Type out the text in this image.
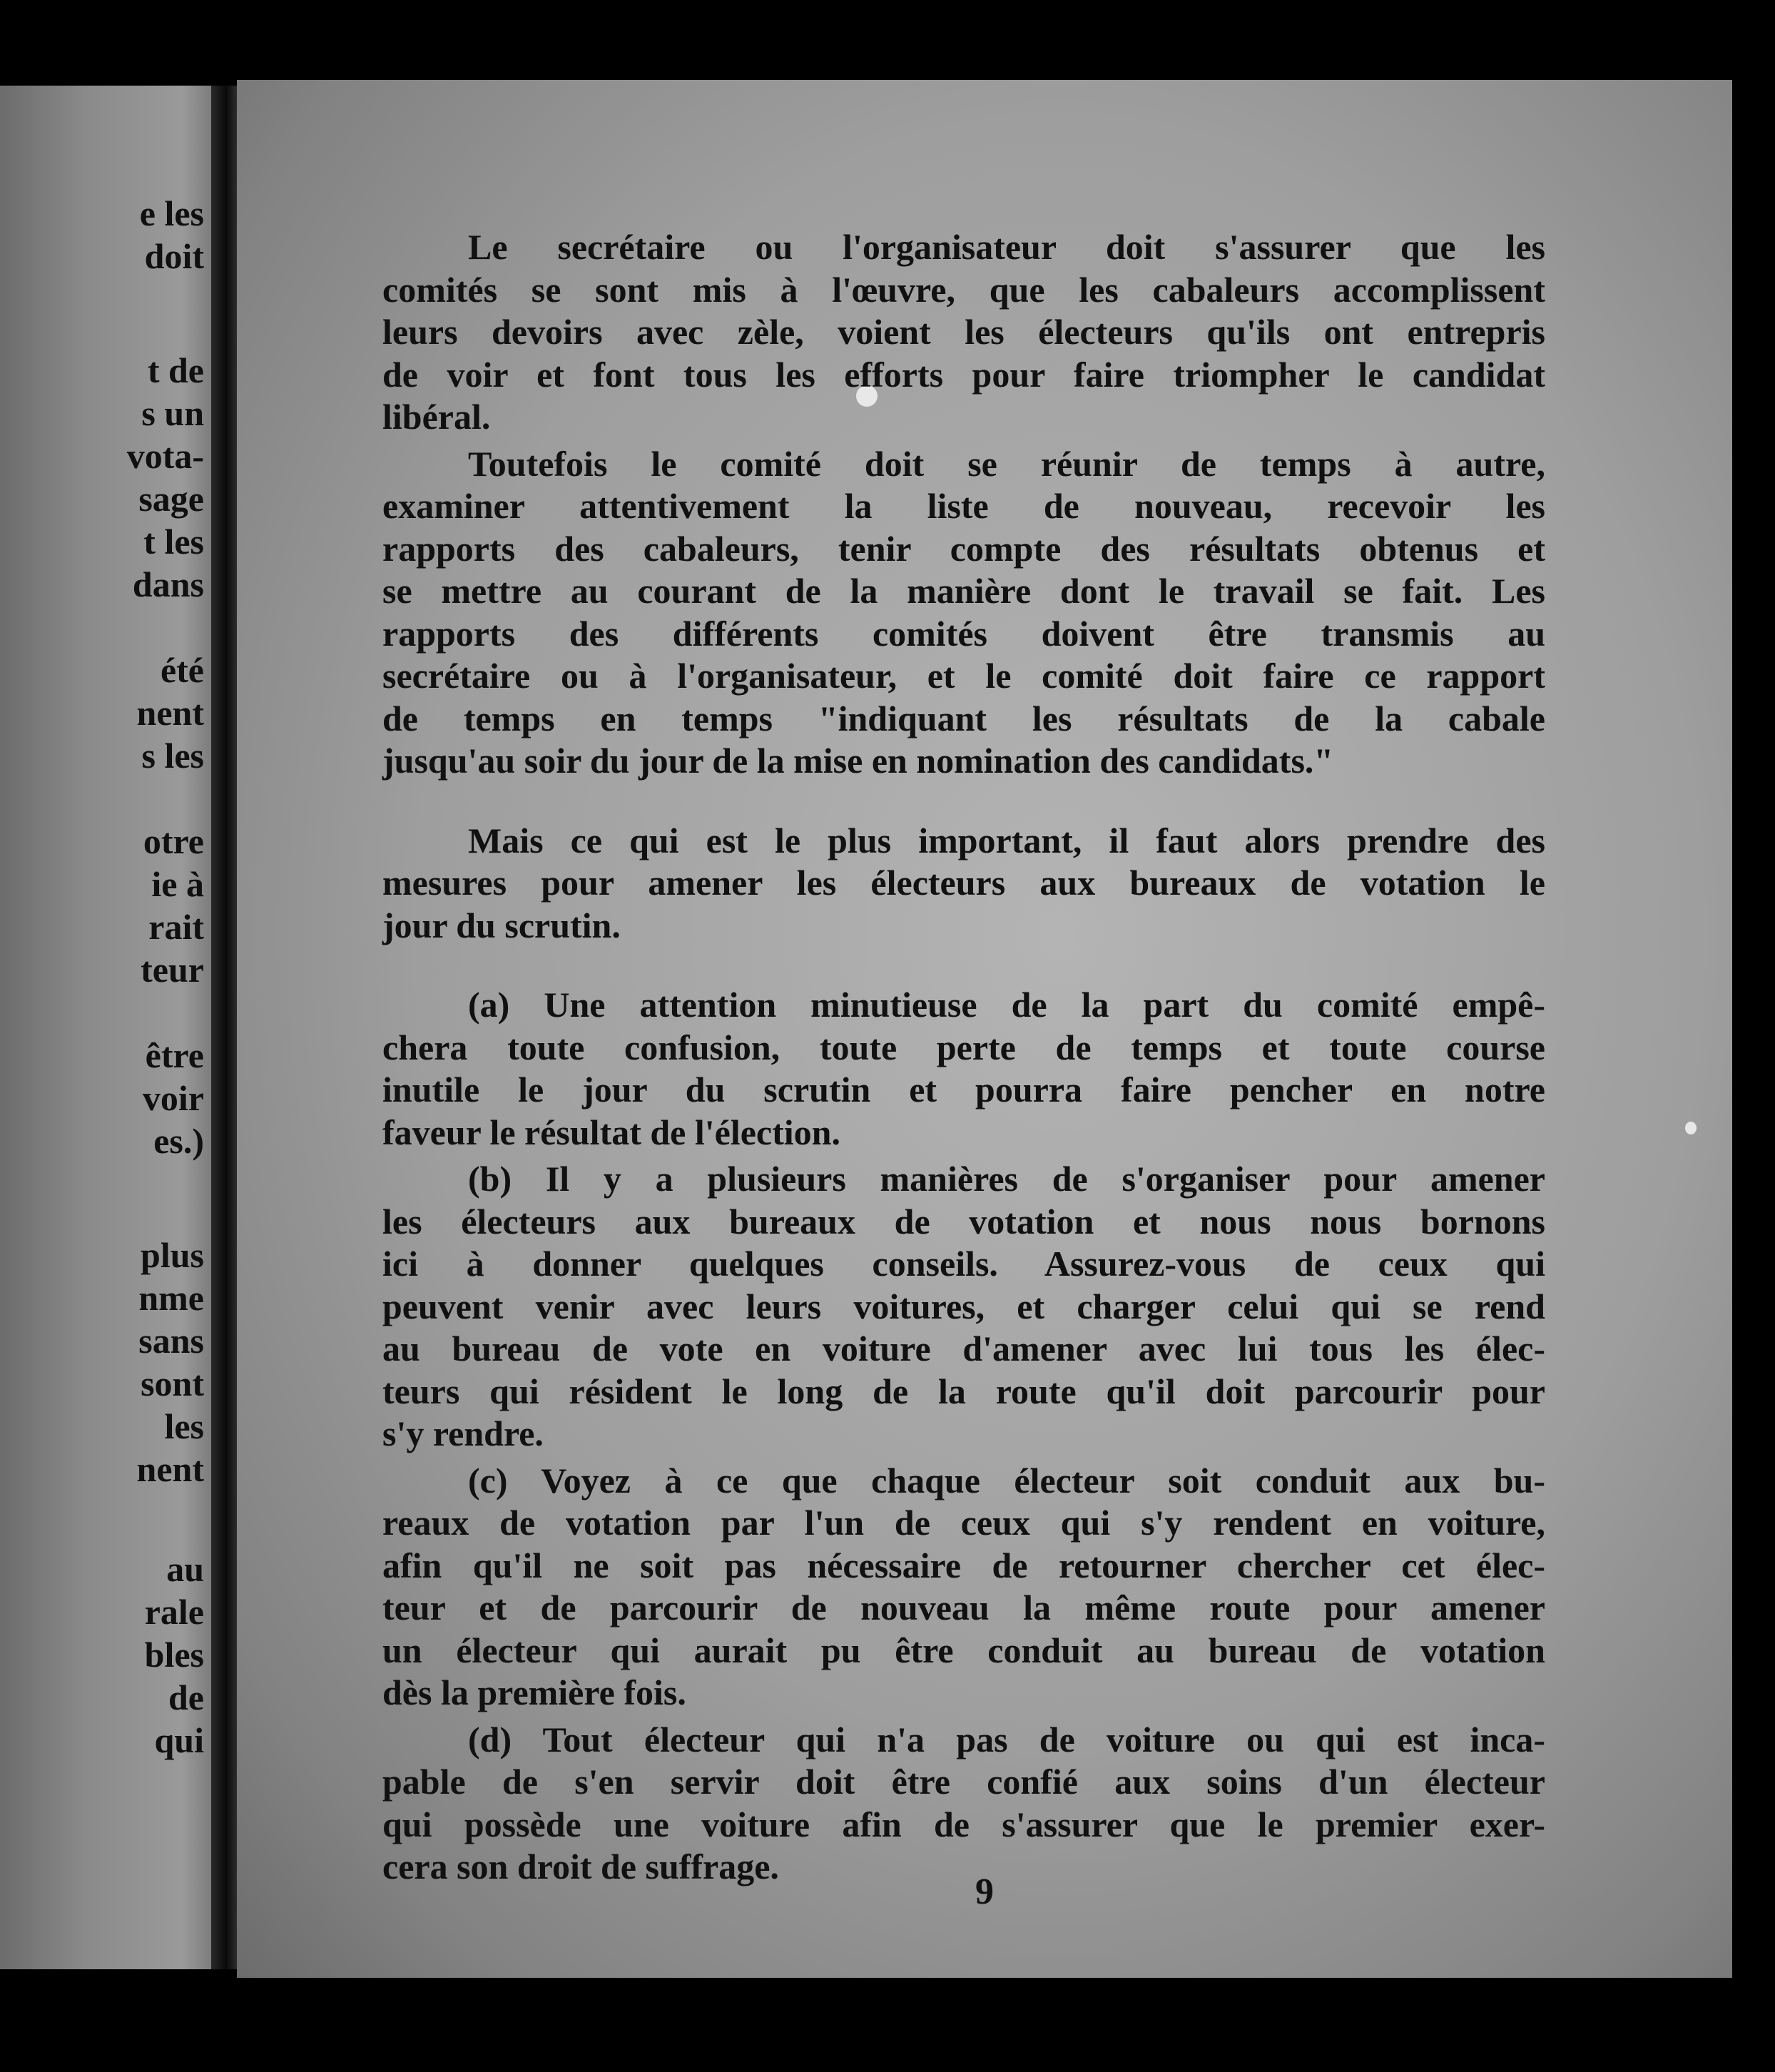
e les
doit
t de
s un
vota-
sage
t les
dans
été
nent
s les
otre
ie à
rait
teur
être
voir
es.)
plus
nme
sans
sont
les
nent
au
rale
bles
de
qui
Le secrétaire ou l'organisateur doit s'assurer que les
comités se sont mis à l'œuvre, que les cabaleurs accomplissent
leurs devoirs avec zèle, voient les électeurs qu'ils ont entrepris
de voir et font tous les efforts pour faire triompher le candidat
libéral.
Toutefois le comité doit se réunir de temps à autre,
examiner attentivement la liste de nouveau, recevoir les
rapports des cabaleurs, tenir compte des résultats obtenus et
se mettre au courant de la manière dont le travail se fait. Les
rapports des différents comités doivent être transmis au
secrétaire ou à l'organisateur, et le comité doit faire ce rapport
de temps en temps "indiquant les résultats de la cabale
jusqu'au soir du jour de la mise en nomination des candidats."
Mais ce qui est le plus important, il faut alors prendre des
mesures pour amener les électeurs aux bureaux de votation le
jour du scrutin.
(a) Une attention minutieuse de la part du comité empê-
chera toute confusion, toute perte de temps et toute course
inutile le jour du scrutin et pourra faire pencher en notre
faveur le résultat de l'élection.
(b) Il y a plusieurs manières de s'organiser pour amener
les électeurs aux bureaux de votation et nous nous bornons
ici à donner quelques conseils. Assurez-vous de ceux qui
peuvent venir avec leurs voitures, et charger celui qui se rend
au bureau de vote en voiture d'amener avec lui tous les élec-
teurs qui résident le long de la route qu'il doit parcourir pour
s'y rendre.
(c) Voyez à ce que chaque électeur soit conduit aux bu-
reaux de votation par l'un de ceux qui s'y rendent en voiture,
afin qu'il ne soit pas nécessaire de retourner chercher cet élec-
teur et de parcourir de nouveau la même route pour amener
un électeur qui aurait pu être conduit au bureau de votation
dès la première fois.
(d) Tout électeur qui n'a pas de voiture ou qui est inca-
pable de s'en servir doit être confié aux soins d'un électeur
qui possède une voiture afin de s'assurer que le premier exer-
cera son droit de suffrage.
9
